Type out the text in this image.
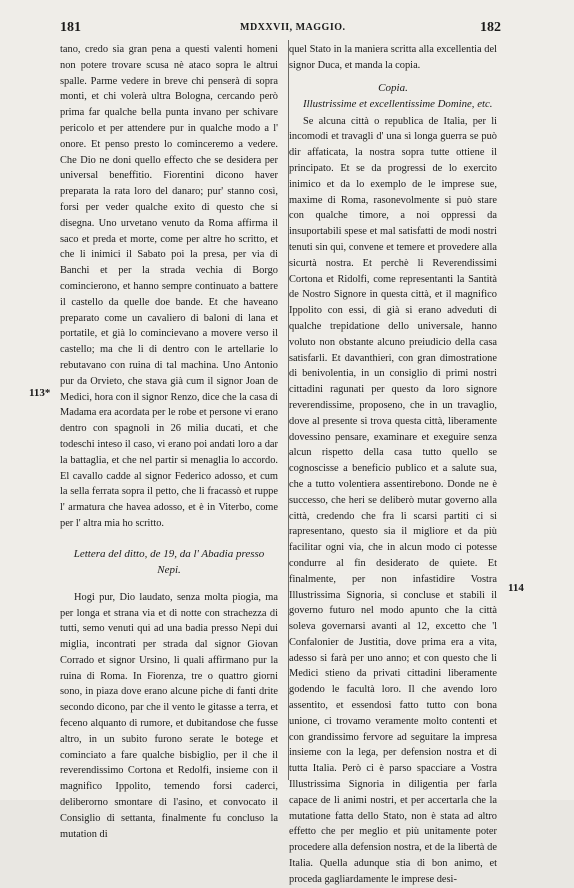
181	MDXXVII, MAGGIO.	182
113*
114

tano, credo sia gran pena a questi valenti homeni non potere trovare scusa nè ataco sopra le altrui spalle. Parme vedere in breve chi penserà di sopra monti, et chi volerà ultra Bologna, cercando però prima far qualche bella punta invano per schivare pericolo et per attendere pur in qualche modo a l' onore. Et penso presto lo cominceremo a vedere. Che Dio ne doni quello effecto che se desidera per universal beneffitio. Fiorentini dicono haver preparata la rata loro del danaro; pur' stanno così, forsi per veder qualche exito di questo che si disegna. Uno urvetano venuto da Roma affirma il saco et preda et morte, come per altre ho scritto, et che li inimici il Sabato poi la presa, per via di Banchi et per la strada vechia di Borgo comincierono, et hanno sempre continuato a battere il castello da quelle doe bande. Et che haveano preparato come un cavaliero di baloni di lana et portatile, et già lo comincievano a movere verso il castello; ma che li di dentro con le artellarie lo rebutavano con ruina di tal machina. Uno Antonio pur da Orvieto, che stava già cum il signor Joan de Medici, hora con il signor Renzo, dice che la casa di Madama era acordata per le robe et persone vi erano dentro con spagnoli in 26 milia ducati, et che todeschi inteso il caso, vi erano poi andati loro a dar la battaglia, et che nel partir si menaglia lo accordo. El cavallo cadde al signor Federico adosso, et cum la sella ferrata sopra il petto, che li fracassò et ruppe l' armatura che havea adosso, et è in Viterbo, come per l' altra mia ho scritto.

Lettera del ditto, de 19, da l' Abadia presso Nepi.

Hogi pur, Dio laudato, senza molta piogia, ma per longa et strana via et di notte con strachezza di tutti, semo venuti qui ad una badia presso Nepi dui miglia, incontrati per strada dal signor Giovan Corrado et signor Ursino, li quali affirmano pur la ruina di Roma. In Fiorenza, tre o quattro giorni sono, in piaza dove erano alcune piche di fanti drite secondo dicono, par che il vento le gitasse a terra, et feceno alquanto di rumore, et dubitandose che fusse altro, in un subito furono serate le botege et cominciato a fare qualche bisbiglio, per il che il reverendissimo Cortona et Redolfi, insieme con il magnifico Ippolito, temendo forsi caderci, deliberorno smontare di l'asino, et convocato il Consiglio di settanta, finalmente fu concluso la mutation di

quel Stato in la maniera scritta alla excellentia del signor Duca, et manda la copia.

Copia.
Illustrissime et excellentissime Domine, etc.

Se alcuna città o republica de Italia, per li incomodi et travagli d' una sì longa guerra se può dir affaticata, la nostra sopra tutte ottiene il principato. Et se da progressi de lo exercito inimico et da lo exemplo de le imprese sue, maxime di Roma, rasonevolmente si può stare con qualche timore, a noi oppressi da insuportabili spese et mal satisfatti de modi nostri tenuti sin qui, convene et temere et provedere alla sicurtà nostra. Et perchè li Reverendissimi Cortona et Ridolfi, come representanti la Santità de Nostro Signore in questa città, et il magnifico Ippolito con essi, di già si erano adveduti di qualche trepidatione dello universale, hanno voluto non obstante alcuno preiudicio della casa satisfarli. Et davanthieri, con gran dimostratione di benivolentia, in un consiglio di primi nostri cittadini ragunati per questo da loro signore reverendissime, proposeno, che in un travaglio, dove al presente si trova questa città, liberamente dovessino pensare, examinare et exeguire senza alcun rispetto della casa tutto quello se cognoscisse a beneficio publico et a salute sua, che a tutto volentiera assentirebono. Donde ne è successo, che heri se deliberò mutar governo alla città, credendo che fra li scarsi partiti ci si rapresentano, questo sia il migliore et da più facilitar ogni via, che in alcun modo ci potesse condurre al fin desiderato de quiete. Et finalmente, per non infastidire Vostra Illustrissima Signoria, si concluse et stabilì il governo futuro nel modo apunto che la città soleva governarsi avanti al 12, excetto che 'l Confalonier de Justitia, dove prima era a vita, adesso si farà per uno anno; et con questo che li Medici stieno da privati cittadini liberamente godendo le facultà loro. Il che avendo loro assentito, et essendosi fatto tutto con bona unione, ci trovamo veramente molto contenti et con grandissimo fervore ad seguitare la impresa insieme con la lega, per defension nostra et di tutta Italia. Però ci è parso spacciare a Vostra Illustrissima Signoria in diligentia per farla capace de li animi nostri, et per accertarla che la mutatione fatta dello Stato, non è stata ad altro effetto che per meglio et più unitamente poter procedere alla defension nostra, et de la libertà de Italia. Quella adunque stia di bon animo, et proceda gagliardamente le imprese desi-
